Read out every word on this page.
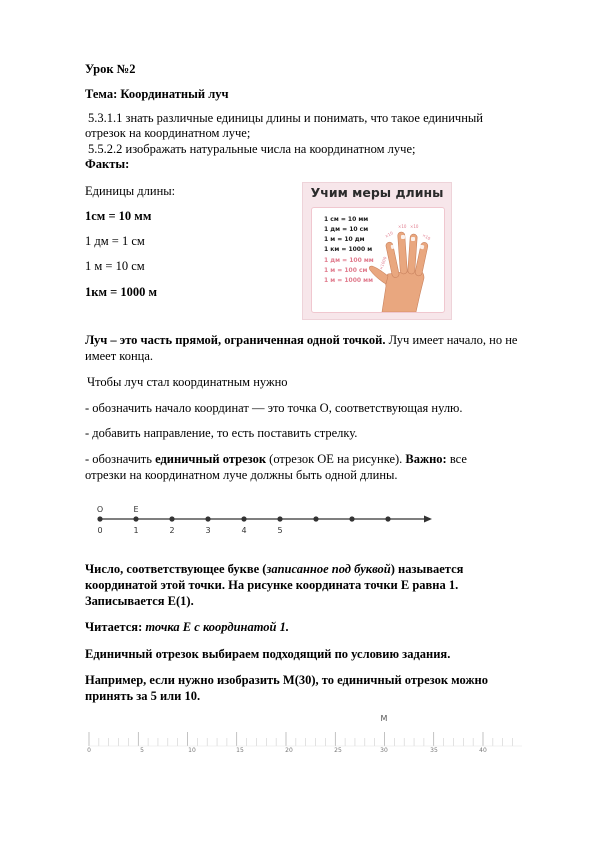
Урок №2
Тема: Координатный луч
5.3.1.1 знать различные единицы длины и понимать, что такое единичный
отрезок на координатном луче;
5.5.2.2 изображать натуральные числа на координатном луче;
Факты:
Единицы длины:
1см = 10 мм
1 дм = 1 см
1 м = 10 см
1км = 1000 м
Учим меры длины
1 см = 10 мм
1 дм = 10 см
1 м = 10 дм
1 км = 1000 м
1 дм = 100 мм
1 м = 100 см
1 м = 1000 мм
×1000
×10
×10 ×10
×10
Луч – это часть прямой, ограниченная одной точкой. Луч имеет начало, но не
имеет конца.
Чтобы луч стал координатным нужно
- обозначить начало координат — это точка О, соответствующая нулю.
- добавить направление, то есть поставить стрелку.
- обозначить единичный отрезок (отрезок ОЕ на рисунке). Важно: все
отрезки на координатном луче должны быть одной длины.
O	E
0	1	2	3	4	5
Число, соответствующее букве (записанное под буквой) называется
координатой этой точки. На рисунке координата точки Е равна 1.
Записывается Е(1).
Читается: точка Е с координатой 1.
Единичный отрезок выбираем подходящий по условию задания.
Например, если нужно изобразить М(30), то единичный отрезок можно
принять за 5 или 10.
M
0	5	10	15	20	25	30	35	40
